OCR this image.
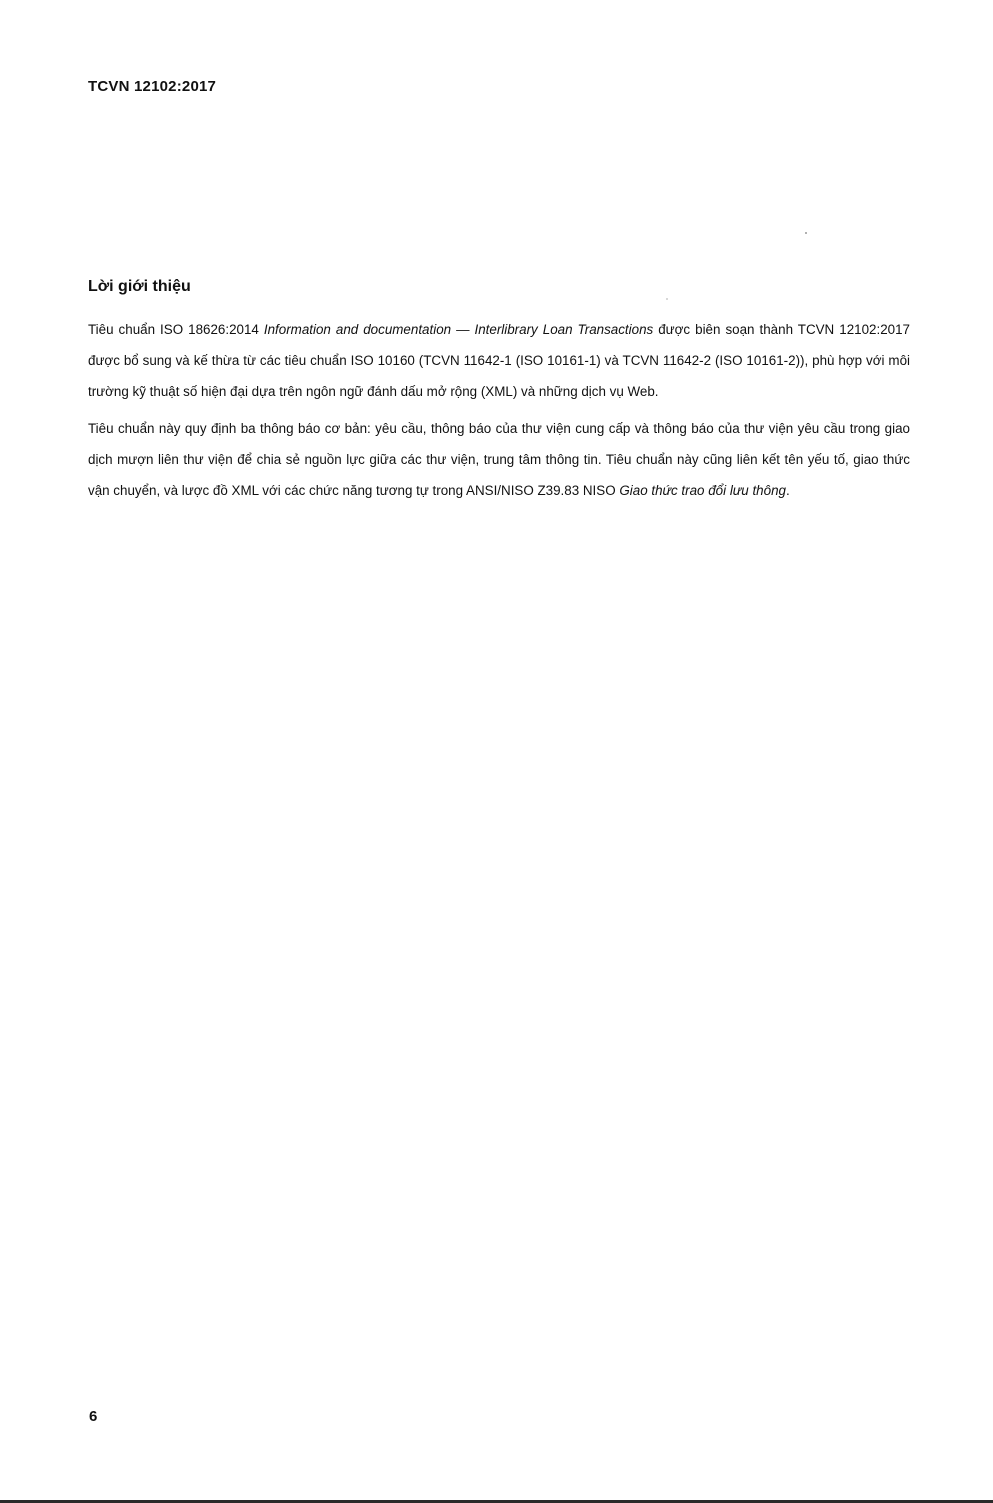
TCVN 12102:2017
Lời giới thiệu

Tiêu chuẩn ISO 18626:2014 Information and documentation — Interlibrary Loan Transactions được biên soạn thành TCVN 12102:2017 được bổ sung và kế thừa từ các tiêu chuẩn ISO 10160 (TCVN 11642-1 (ISO 10161-1) và TCVN 11642-2 (ISO 10161-2)), phù hợp với môi trường kỹ thuật số hiện đại dựa trên ngôn ngữ đánh dấu mở rộng (XML) và những dịch vụ Web.

Tiêu chuẩn này quy định ba thông báo cơ bản: yêu cầu, thông báo của thư viện cung cấp và thông báo của thư viện yêu cầu trong giao dịch mượn liên thư viện để chia sẻ nguồn lực giữa các thư viện, trung tâm thông tin. Tiêu chuẩn này cũng liên kết tên yếu tố, giao thức vận chuyển, và lược đồ XML với các chức năng tương tự trong ANSI/NISO Z39.83 NISO Giao thức trao đổi lưu thông.

6
